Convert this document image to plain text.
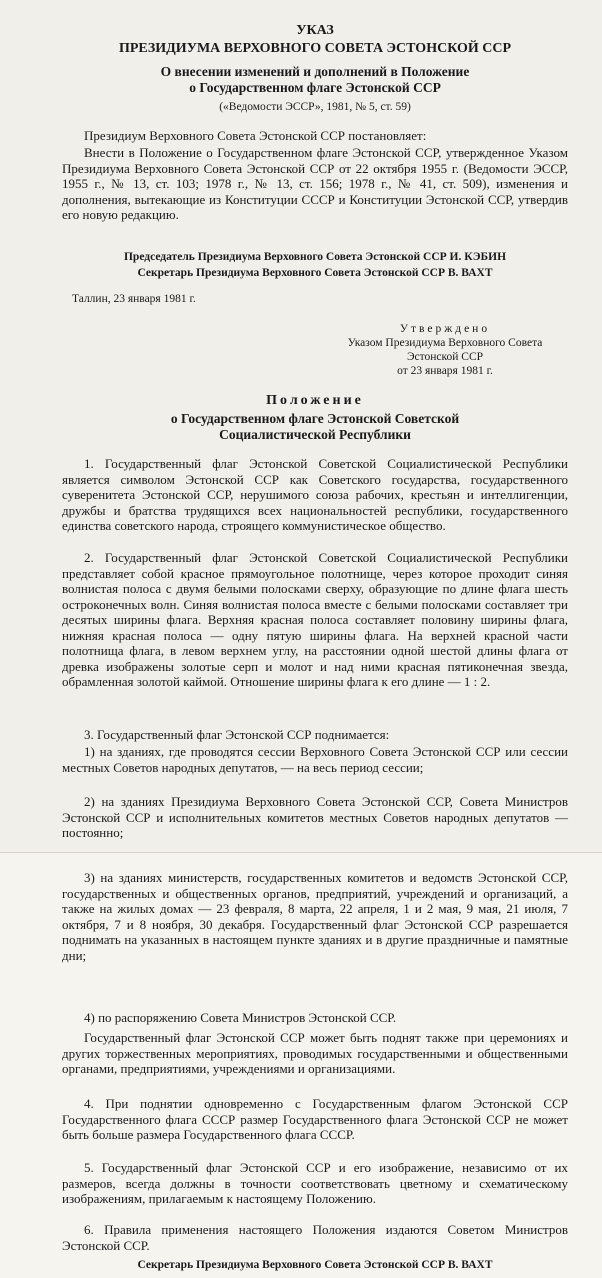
УКАЗ
ПРЕЗИДИУМА ВЕРХОВНОГО СОВЕТА ЭСТОНСКОЙ ССР
О внесении изменений и дополнений в Положение
о Государственном флаге Эстонской ССР
(«Ведомости ЭССР», 1981, № 5, ст. 59)

Президиум Верховного Совета Эстонской ССР постановляет:

Внести в Положение о Государственном флаге Эстонской ССР, утвержденное Указом Президиума Верховного Совета Эстонской ССР от 22 октября 1955 г. (Ведомости ЭССР, 1955 г., № 13, ст. 103; 1978 г., № 13, ст. 156; 1978 г., № 41, ст. 509), изменения и дополнения, вытекающие из Конституции СССР и Конституции Эстонской ССР, утвердив его новую редакцию.

Председатель Президиума Верховного Совета Эстонской ССР И. КЭБИН
Секретарь Президиума Верховного Совета Эстонской ССР В. ВАХТ
Таллин, 23 января 1981 г.
Утверждено
Указом Президиума Верховного Совета
Эстонской ССР
от 23 января 1981 г.
Положение
о Государственном флаге Эстонской Советской
Социалистической Республики

1. Государственный флаг Эстонской Советской Социалистической Республики является символом Эстонской ССР как Советского государства, государственного суверенитета Эстонской ССР, нерушимого союза рабочих, крестьян и интеллигенции, дружбы и братства трудящихся всех национальностей республики, государственного единства советского народа, строящего коммунистическое общество.

2. Государственный флаг Эстонской Советской Социалистической Республики представляет собой красное прямоугольное полотнище, через которое проходит синяя волнистая полоса с двумя белыми полосками сверху, образующие по длине флага шесть остроконечных волн. Синяя волнистая полоса вместе с белыми полосками составляет три десятых ширины флага. Верхняя красная полоса составляет половину ширины флага, нижняя красная полоса — одну пятую ширины флага. На верхней красной части полотнища флага, в левом верхнем углу, на расстоянии одной шестой длины флага от древка изображены золотые серп и молот и над ними красная пятиконечная звезда, обрамленная золотой каймой. Отношение ширины флага к его длине — 1 : 2.

3. Государственный флаг Эстонской ССР поднимается:

1) на зданиях, где проводятся сессии Верховного Совета Эстонской ССР или сессии местных Советов народных депутатов, — на весь период сессии;

2) на зданиях Президиума Верховного Совета Эстонской ССР, Совета Министров Эстонской ССР и исполнительных комитетов местных Советов народных депутатов — постоянно;

3) на зданиях министерств, государственных комитетов и ведомств Эстонской ССР, государственных и общественных органов, предприятий, учреждений и организаций, а также на жилых домах — 23 февраля, 8 марта, 22 апреля, 1 и 2 мая, 9 мая, 21 июля, 7 октября, 7 и 8 ноября, 30 декабря. Государственный флаг Эстонской ССР разрешается поднимать на указанных в настоящем пункте зданиях и в другие праздничные и памятные дни;

4) по распоряжению Совета Министров Эстонской ССР.

Государственный флаг Эстонской ССР может быть поднят также при церемониях и других торжественных мероприятиях, проводимых государственными и общественными органами, предприятиями, учреждениями и организациями.

4. При поднятии одновременно с Государственным флагом Эстонской ССР Государственного флага СССР размер Государственного флага Эстонской ССР не может быть больше размера Государственного флага СССР.

5. Государственный флаг Эстонской ССР и его изображение, независимо от их размеров, всегда должны в точности соответствовать цветному и схематическому изображениям, прилагаемым к настоящему Положению.

6. Правила применения настоящего Положения издаются Советом Министров Эстонской ССР.

Секретарь Президиума Верховного Совета Эстонской ССР В. ВАХТ
